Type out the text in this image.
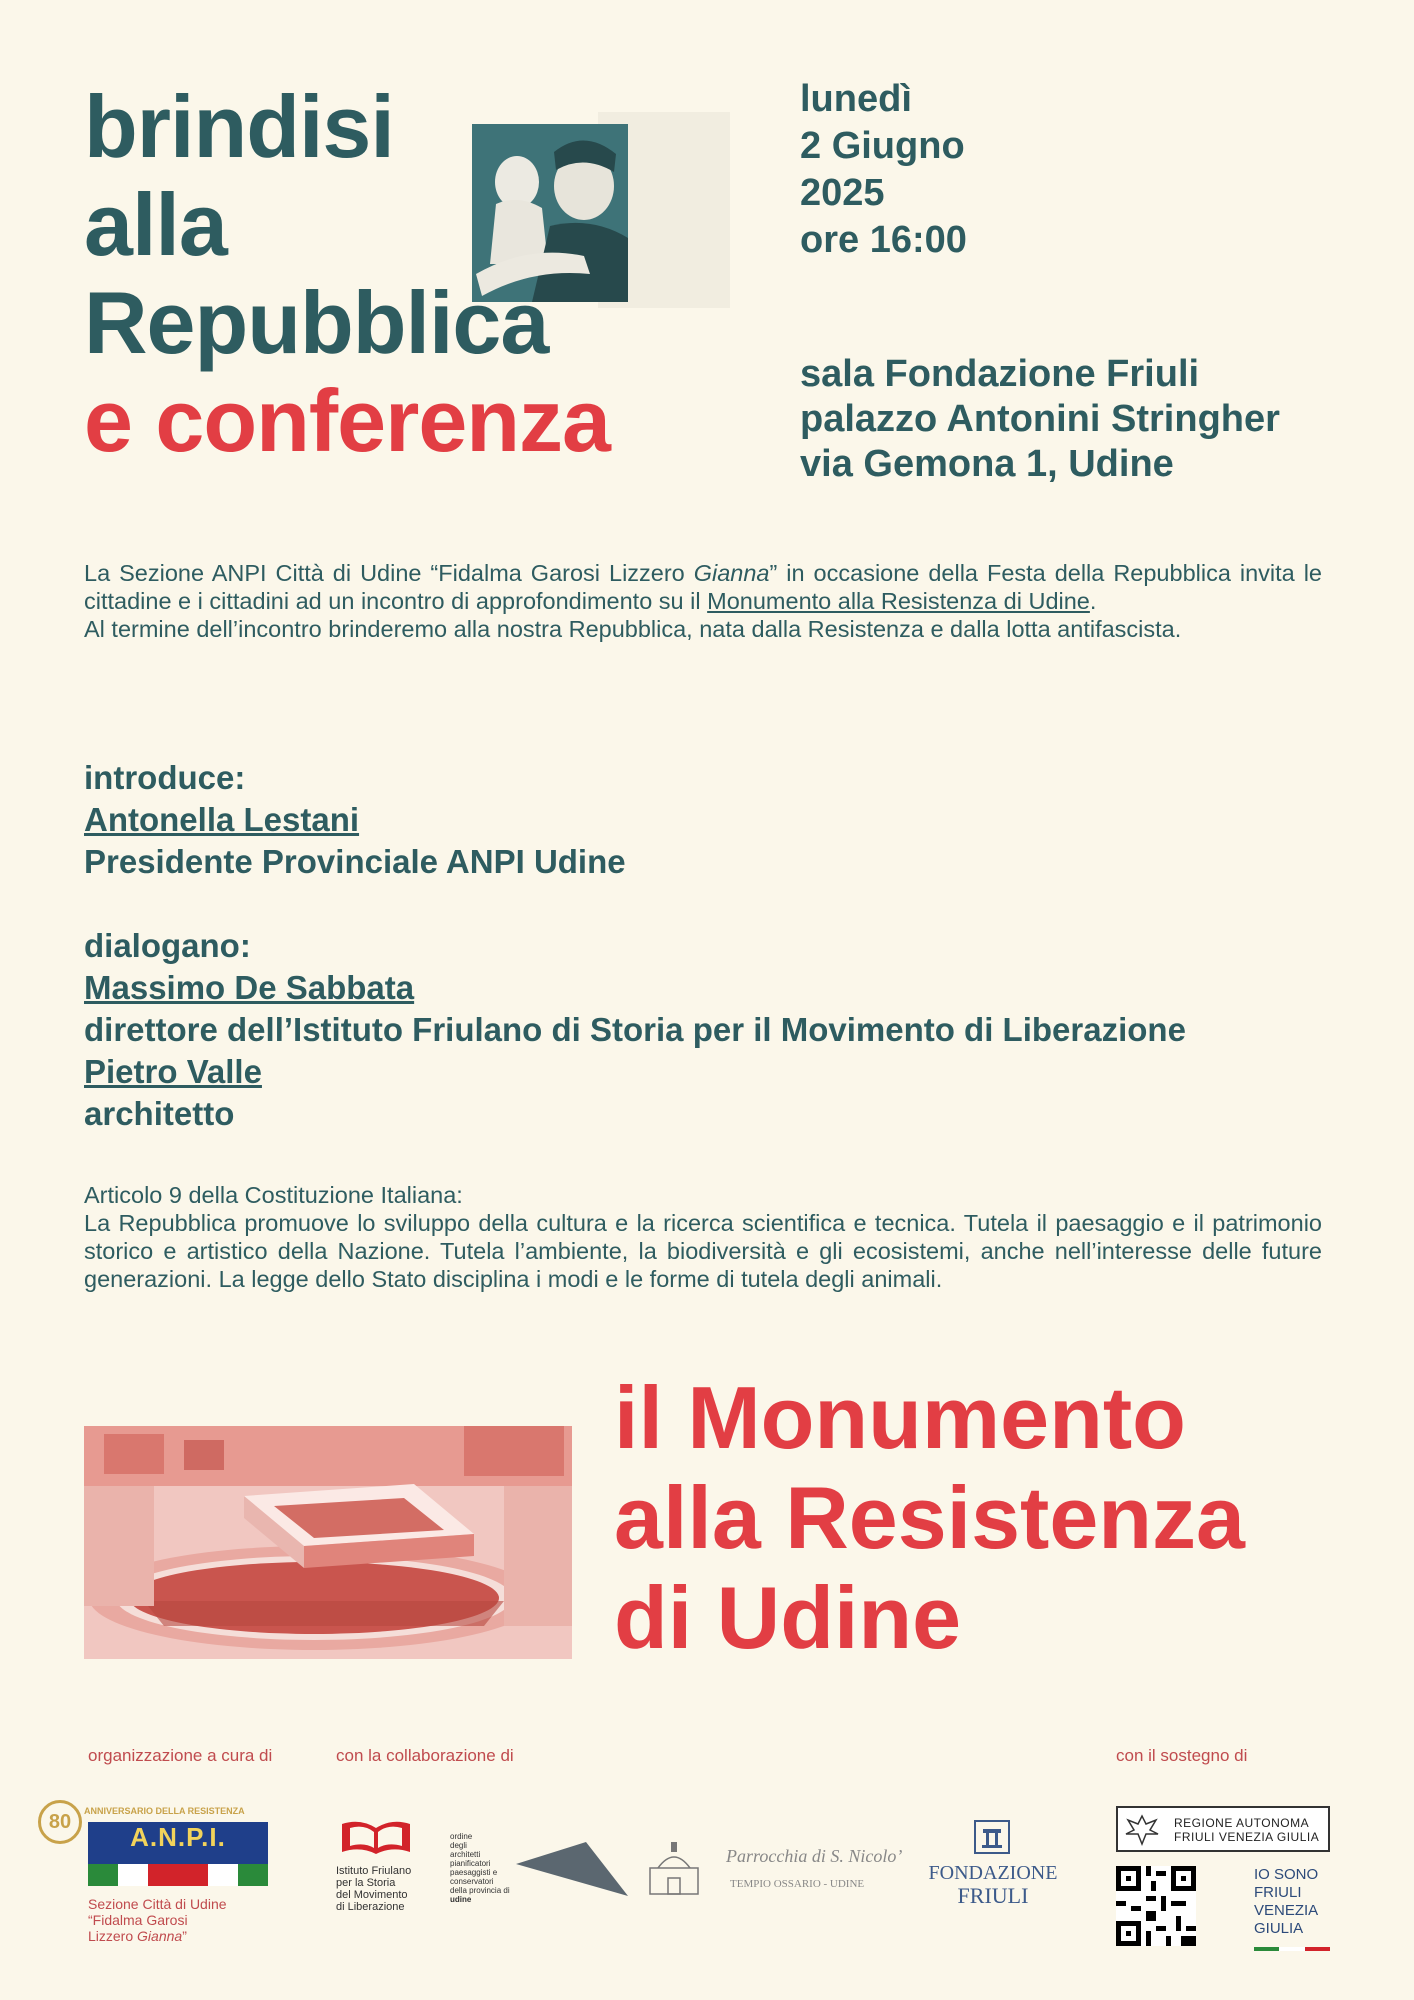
brindisi
alla
Repubblica
e conferenza
lunedì
2 Giugno
2025
ore 16:00
sala Fondazione Friuli
palazzo Antonini Stringher
via Gemona 1, Udine

La Sezione ANPI Città di Udine “Fidalma Garosi Lizzero Gianna” in occasione della Festa della Repubblica invita le cittadine e i cittadini ad un incontro di approfondimento su il Monumento alla Resistenza di Udine.

Al termine dell’incontro brinderemo alla nostra Repubblica, nata dalla Resistenza e dalla lotta antifascista.

introduce:
Antonella Lestani
Presidente Provinciale ANPI Udine
dialogano:
Massimo De Sabbata
direttore dell’Istituto Friulano di Storia per il Movimento di Liberazione
Pietro Valle
architetto

Articolo 9 della Costituzione Italiana:

La Repubblica promuove lo sviluppo della cultura e la ricerca scientifica e tecnica. Tutela il paesaggio e il patrimonio storico e artistico della Nazione. Tutela l’ambiente, la biodiversità e gli ecosistemi, anche nell’interesse delle future generazioni. La legge dello Stato disciplina i modi e le forme di tutela degli animali.

il Monumento
alla Resistenza
di Udine
organizzazione a cura di	con la collaborazione di	con il sostegno di
80	ANNIVERSARIO DELLA RESISTENZA
A.N.P.I.
Sezione Città di Udine
“Fidalma Garosi
Lizzero Gianna”
Istituto Friulano
per la Storia
del Movimento
di Liberazione
ordine
degli
architetti
pianificatori
paesaggisti e
conservatori
della provincia di
udine
Parrocchia di S. Nicolo’
TEMPIO OSSARIO - UDINE	FONDAZIONE
FRIULI
REGIONE AUTONOMA
FRIULI VENEZIA GIULIA
IO SONO
FRIULI
VENEZIA
GIULIA
